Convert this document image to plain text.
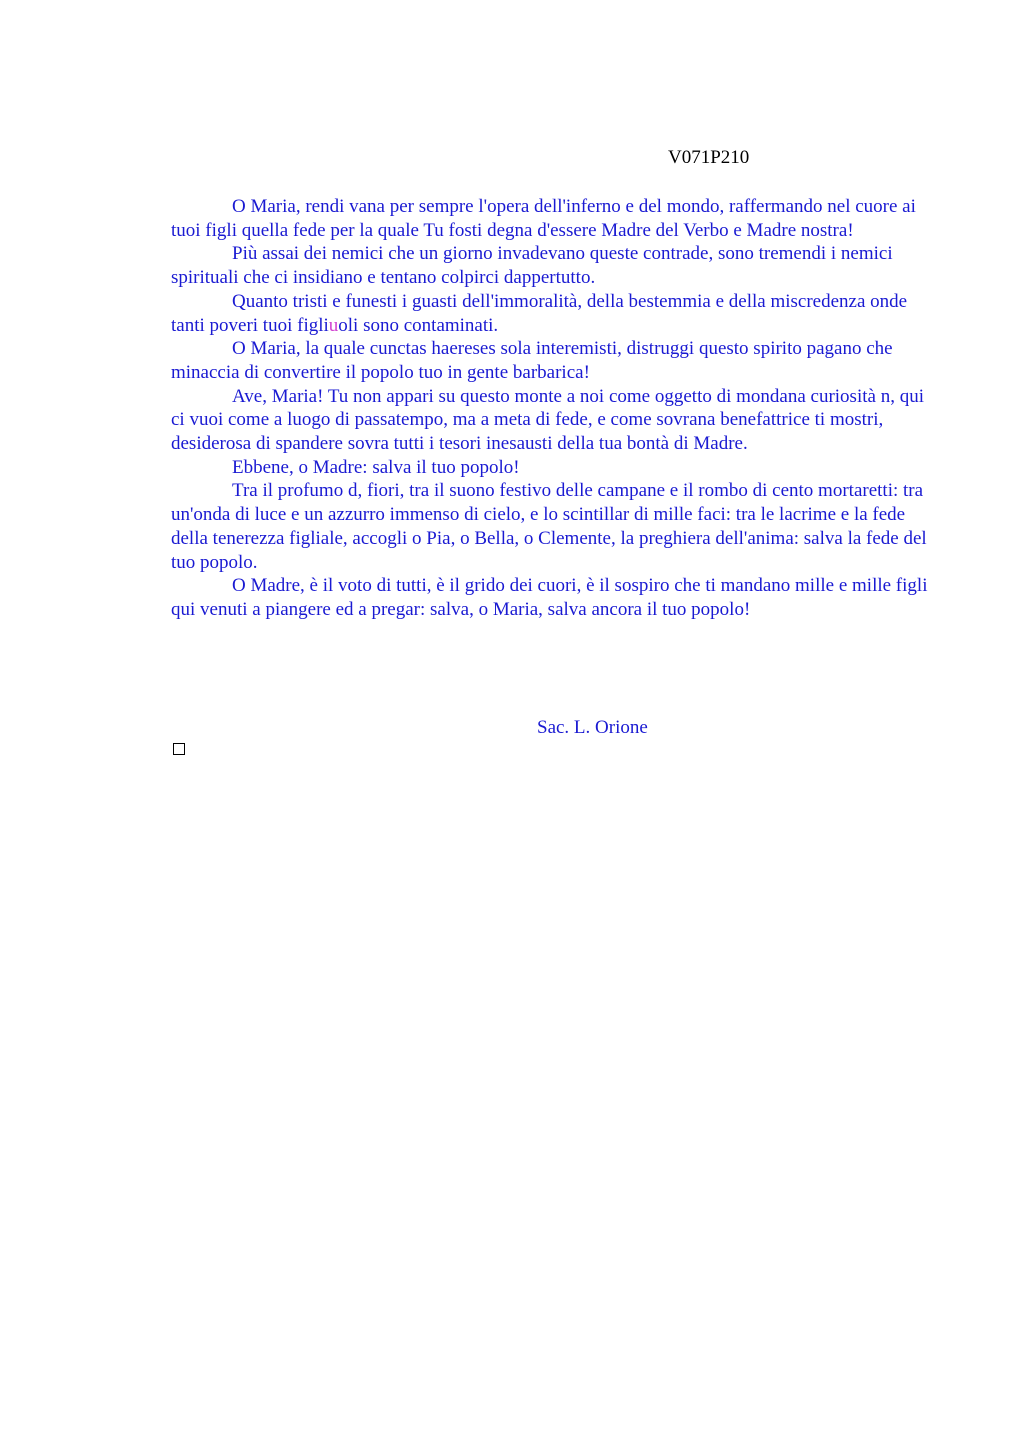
V071P210

O Maria, rendi vana per sempre l'opera dell'inferno e del mondo, raffermando nel cuore ai tuoi figli quella fede per la quale Tu fosti degna d'essere Madre del Verbo e Madre nostra!

Più assai dei nemici che un giorno invadevano queste contrade, sono tremendi i nemici spirituali che ci insidiano e tentano colpirci dappertutto.

Quanto tristi e funesti i guasti dell'immoralità, della bestemmia e della miscredenza onde tanti poveri tuoi figliuoli sono contaminati.

O Maria, la quale cunctas haereses sola interemisti, distruggi questo spirito pagano che minaccia di convertire il popolo tuo in gente barbarica!

Ave, Maria! Tu non appari su questo monte a noi come oggetto di mondana curiosità n, qui ci vuoi come a luogo di passatempo, ma a meta di fede, e come sovrana benefattrice ti mostri, desiderosa di spandere sovra tutti i tesori inesausti della tua bontà di Madre.

Ebbene, o Madre: salva il tuo popolo!

Tra il profumo d, fiori, tra il suono festivo delle campane e il rombo di cento mortaretti: tra un'onda di luce e un azzurro immenso di cielo, e lo scintillar di mille faci: tra le lacrime e la fede della tenerezza figliale, accogli o Pia, o Bella, o Clemente, la preghiera dell'anima: salva la fede del tuo popolo.

O Madre, è il voto di tutti, è il grido dei cuori, è il sospiro che ti mandano mille e mille figli qui venuti a piangere ed a pregar: salva, o Maria, salva ancora il tuo popolo!

Sac. L. Orione
